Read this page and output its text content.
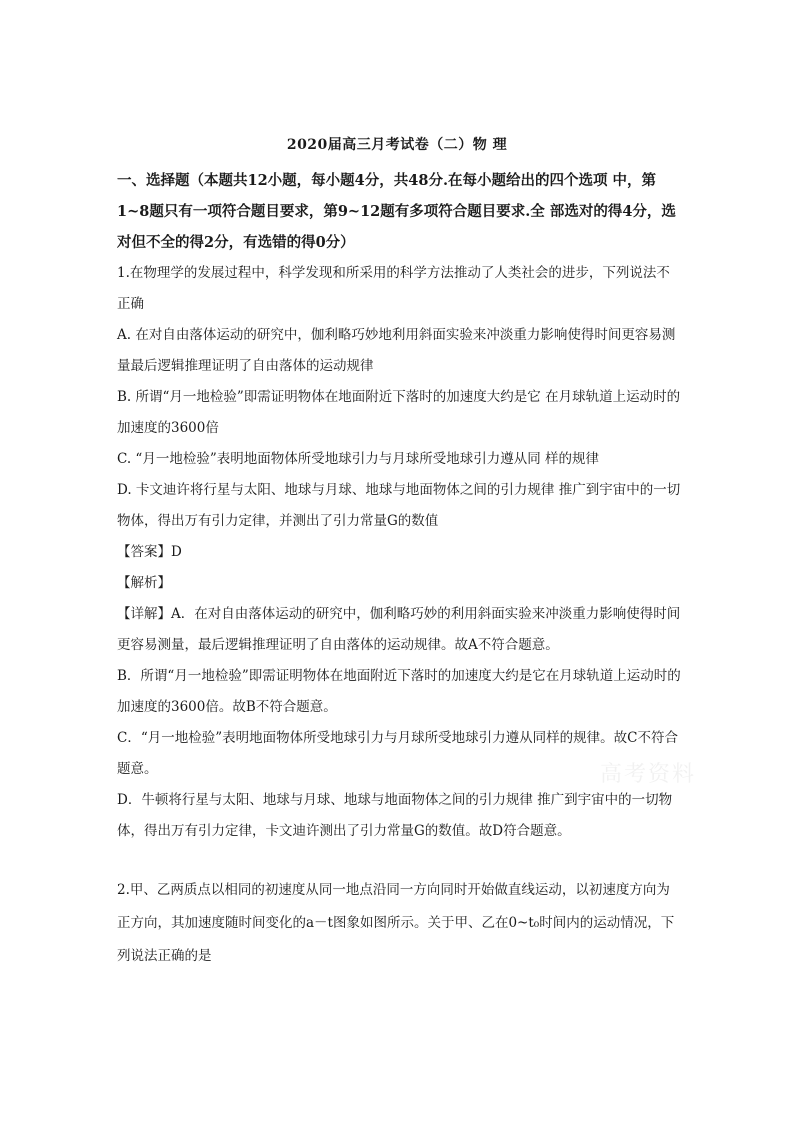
2020届高三月考试卷（二）物 理
一、选择题（本题共12小题，每小题4分，共48分.在每小题给出的四个选项 中，第1~8题只有一项符合题目要求，第9~12题有多项符合题目要求.全 部选对的得4分，选对但不全的得2分，有选错的得0分）

1.在物理学的发展过程中，科学发现和所采用的科学方法推动了人类社会的进步，下列说法不正确

A. 在对自由落体运动的研究中，伽利略巧妙地利用斜面实验来冲淡重力影响使得时间更容易测量最后逻辑推理证明了自由落体的运动规律

B. 所谓“月一地检验”即需证明物体在地面附近下落时的加速度大约是它 在月球轨道上运动时的加速度的3600倍

C. “月一地检验”表明地面物体所受地球引力与月球所受地球引力遵从同 样的规律

D. 卡文迪许将行星与太阳、地球与月球、地球与地面物体之间的引力规律 推广到宇宙中的一切物体，得出万有引力定律，并测出了引力常量G的数值

【答案】D

【解析】

【详解】A．在对自由落体运动的研究中，伽利略巧妙的利用斜面实验来冲淡重力影响使得时间更容易测量，最后逻辑推理证明了自由落体的运动规律。故A不符合题意。

B．所谓“月一地检验”即需证明物体在地面附近下落时的加速度大约是它在月球轨道上运动时的加速度的3600倍。故B不符合题意。

C．“月一地检验”表明地面物体所受地球引力与月球所受地球引力遵从同样的规律。故C不符合题意。

D．牛顿将行星与太阳、地球与月球、地球与地面物体之间的引力规律 推广到宇宙中的一切物体，得出万有引力定律，卡文迪许测出了引力常量G的数值。故D符合题意。

2.甲、乙两质点以相同的初速度从同一地点沿同一方向同时开始做直线运动，以初速度方向为正方向，其加速度随时间变化的a－t图象如图所示。关于甲、乙在0~t₀时间内的运动情况，下列说法正确的是

高考资料
